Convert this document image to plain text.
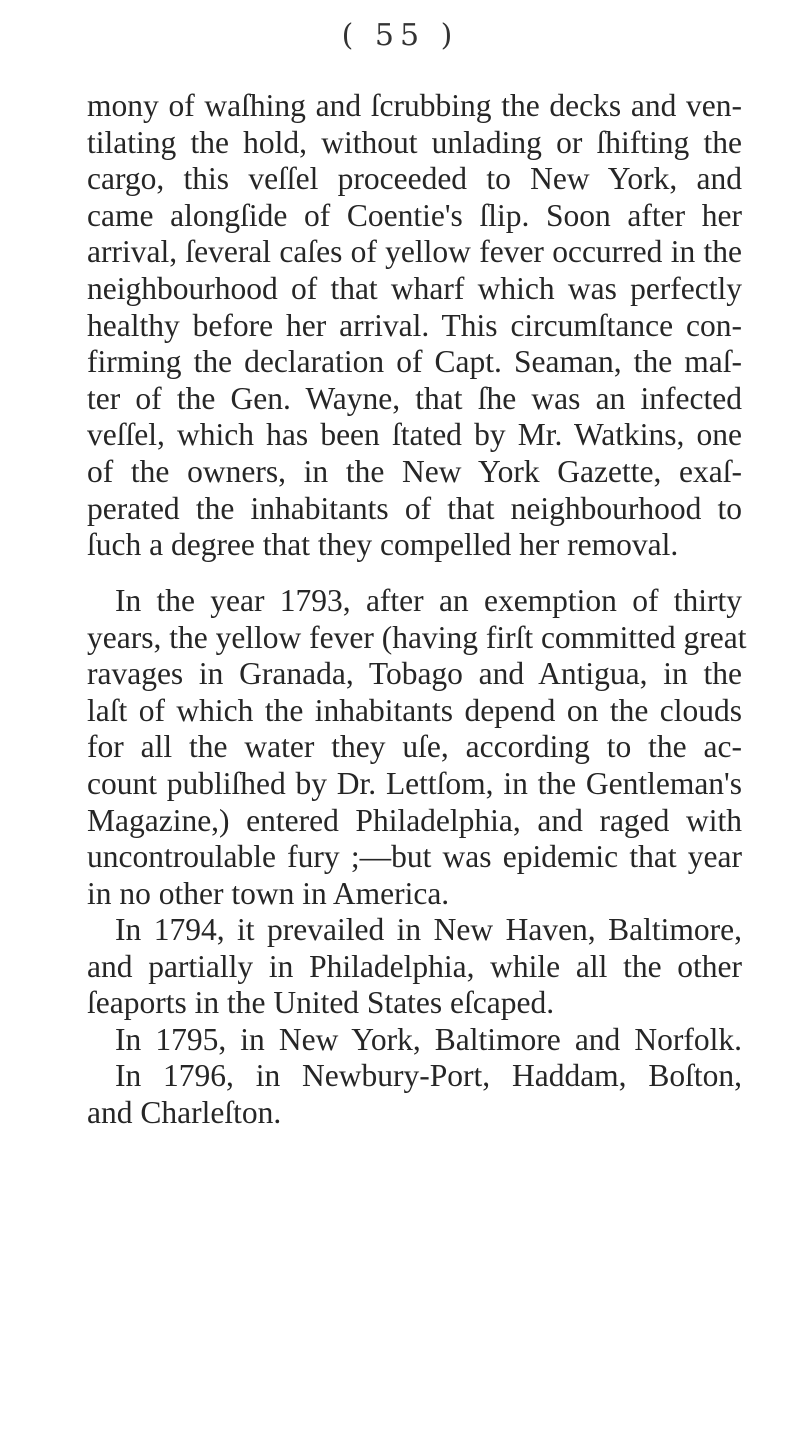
( 55 )
mony of waſhing and ſcrubbing the decks and ven-
tilating the hold, without unlading or ſhifting the
cargo, this veſſel proceeded to New York, and
came alongſide of Coentie's ſlip. Soon after her
arrival, ſeveral caſes of yellow fever occurred in the
neighbourhood of that wharf which was perfectly
healthy before her arrival. This circumſtance con-
firming the declaration of Capt. Seaman, the maſ-
ter of the Gen. Wayne, that ſhe was an infected
veſſel, which has been ſtated by Mr. Watkins, one
of the owners, in the New York Gazette, exaſ-
perated the inhabitants of that neighbourhood to
ſuch a degree that they compelled her removal.
In the year 1793, after an exemption of thirty
years, the yellow fever (having firſt committed great
ravages in Granada, Tobago and Antigua, in the
laſt of which the inhabitants depend on the clouds
for all the water they uſe, according to the ac-
count publiſhed by Dr. Lettſom, in the Gentleman's
Magazine,) entered Philadelphia, and raged with
uncontroulable fury ;—but was epidemic that year
in no other town in America.
In 1794, it prevailed in New Haven, Baltimore,
and partially in Philadelphia, while all the other
ſeaports in the United States eſcaped.
In 1795, in New York, Baltimore and Norfolk.
In 1796, in Newbury-Port, Haddam, Boſton,
and Charleſton.
